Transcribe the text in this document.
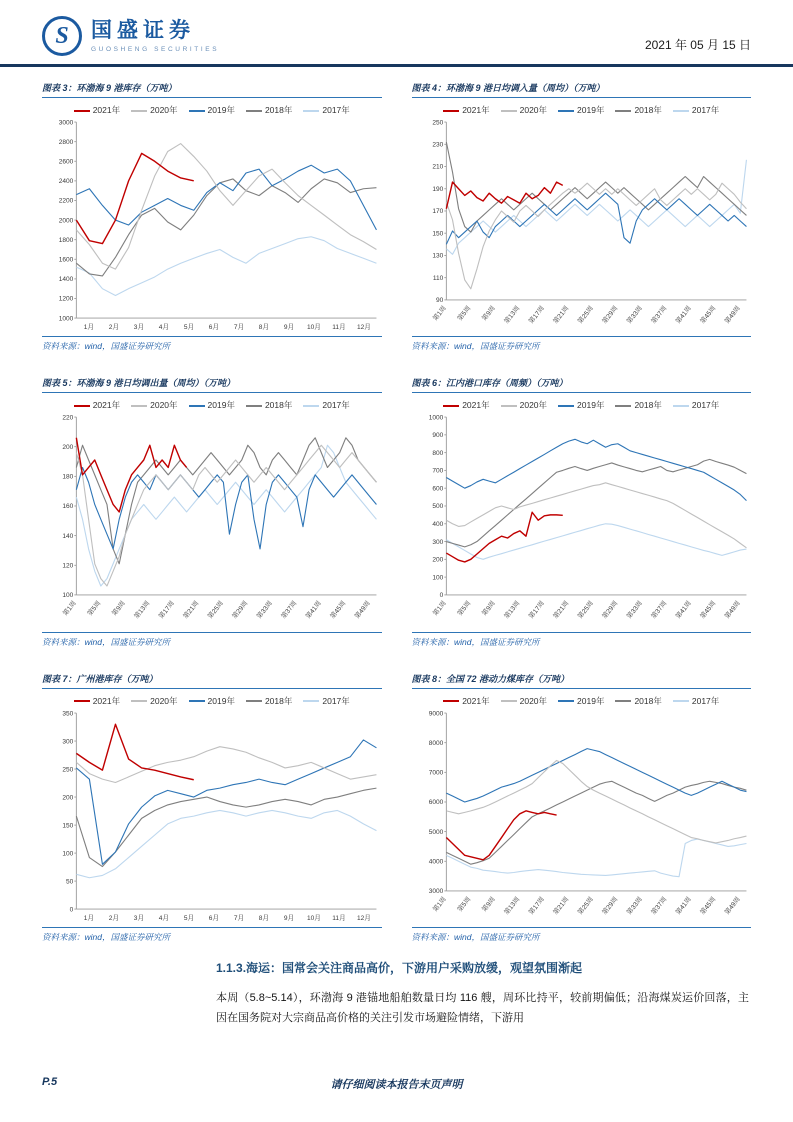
S	国盛证券
GUOSHENG SECURITIES	2021 年 05 月 15 日
图表 3：环渤海 9 港库存（万吨）
2021年	2020年	2019年	2018年	2017年
1000
1200
1400
1600
1800
2000
2200
2400
2600
2800
3000
1月 2月 3月 4月 5月 6月 7月 8月 9月 10月 11月 12月
资料来源：wind，国盛证券研究所
图表 4：环渤海 9 港日均调入量（周均）（万吨）
2021年	2020年	2019年	2018年	2017年
90
110
130
150
170
190
210
230
250
第1周 第5周 第9周 第13周 第17周 第21周 第25周 第29周 第33周 第37周 第41周 第45周 第49周
资料来源：wind，国盛证券研究所
图表 5：环渤海 9 港日均调出量（周均）（万吨）
2021年	2020年	2019年	2018年	2017年
100
120
140
160
180
200
220
第1周 第5周 第9周 第13周 第17周 第21周 第25周 第29周 第33周 第37周 第41周 第45周 第49周
资料来源：wind，国盛证券研究所
图表 6：江内港口库存（周频）（万吨）
2021年	2020年	2019年	2018年	2017年
0
100
200
300
400
500
600
700
800
900
1000
第1周 第5周 第9周 第13周 第17周 第21周 第25周 第29周 第33周 第37周 第41周 第45周 第49周
资料来源：wind，国盛证券研究所
图表 7：广州港库存（万吨）
2021年	2020年	2019年	2018年	2017年
0
50
100
150
200
250
300
350
1月 2月 3月 4月 5月 6月 7月 8月 9月 10月 11月 12月
资料来源：wind，国盛证券研究所
图表 8：全国 72 港动力煤库存（万吨）
2021年	2020年	2019年	2018年	2017年
3000
4000
5000
6000
7000
8000
9000
第1周 第5周 第9周 第13周 第17周 第21周 第25周 第29周 第33周 第37周 第41周 第45周 第49周
资料来源：wind，国盛证券研究所
1.1.3.海运：国常会关注商品高价，下游用户采购放缓，观望氛围渐起

本周（5.8~5.14），环渤海 9 港锚地船舶数量日均 116 艘，周环比持平，较前期偏低；沿海煤炭运价回落，主因在国务院对大宗商品高价格的关注引发市场避险情绪，下游用

P.5	请仔细阅读本报告末页声明
